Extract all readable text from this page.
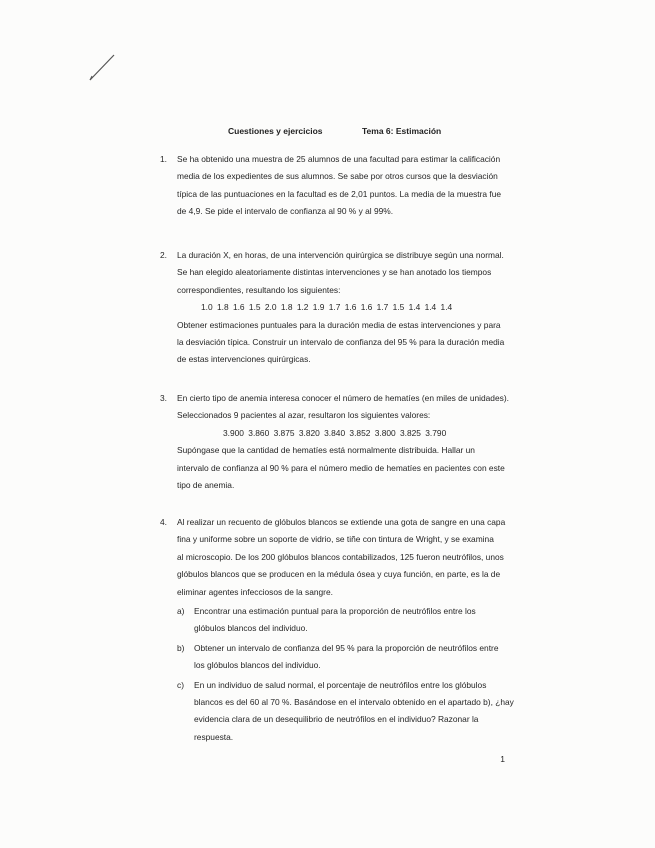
Cuestiones y ejercicios	Tema 6: Estimación
1. Se ha obtenido una muestra de 25 alumnos de una facultad para estimar la calificación
media de los expedientes de sus alumnos. Se sabe por otros cursos que la desviación
típica de las puntuaciones en la facultad es de 2,01 puntos. La media de la muestra fue
de 4,9. Se pide el intervalo de confianza al 90 % y al 99%.
2. La duración X, en horas, de una intervención quirúrgica se distribuye según una normal.
Se han elegido aleatoriamente distintas intervenciones y se han anotado los tiempos
correspondientes, resultando los siguientes:
1.0 1.8 1.6 1.5 2.0 1.8 1.2 1.9 1.7 1.6 1.6 1.7 1.5 1.4 1.4 1.4
Obtener estimaciones puntuales para la duración media de estas intervenciones y para
la desviación típica. Construir un intervalo de confianza del 95 % para la duración media
de estas intervenciones quirúrgicas.
3. En cierto tipo de anemia interesa conocer el número de hematíes (en miles de unidades).
Seleccionados 9 pacientes al azar, resultaron los siguientes valores:
3.900 3.860 3.875 3.820 3.840 3.852 3.800 3.825 3.790
Supóngase que la cantidad de hematíes está normalmente distribuida. Hallar un
intervalo de confianza al 90 % para el número medio de hematíes en pacientes con este
tipo de anemia.
4. Al realizar un recuento de glóbulos blancos se extiende una gota de sangre en una capa
fina y uniforme sobre un soporte de vidrio, se tiñe con tintura de Wright, y se examina
al microscopio. De los 200 glóbulos blancos contabilizados, 125 fueron neutrófilos, unos
glóbulos blancos que se producen en la médula ósea y cuya función, en parte, es la de
eliminar agentes infecciosos de la sangre.
a) Encontrar una estimación puntual para la proporción de neutrófilos entre los
glóbulos blancos del individuo.
b) Obtener un intervalo de confianza del 95 % para la proporción de neutrófilos entre
los glóbulos blancos del individuo.
c) En un individuo de salud normal, el porcentaje de neutrófilos entre los glóbulos
blancos es del 60 al 70 %. Basándose en el intervalo obtenido en el apartado b), ¿hay
evidencia clara de un desequilibrio de neutrófilos en el individuo? Razonar la
respuesta.
1
